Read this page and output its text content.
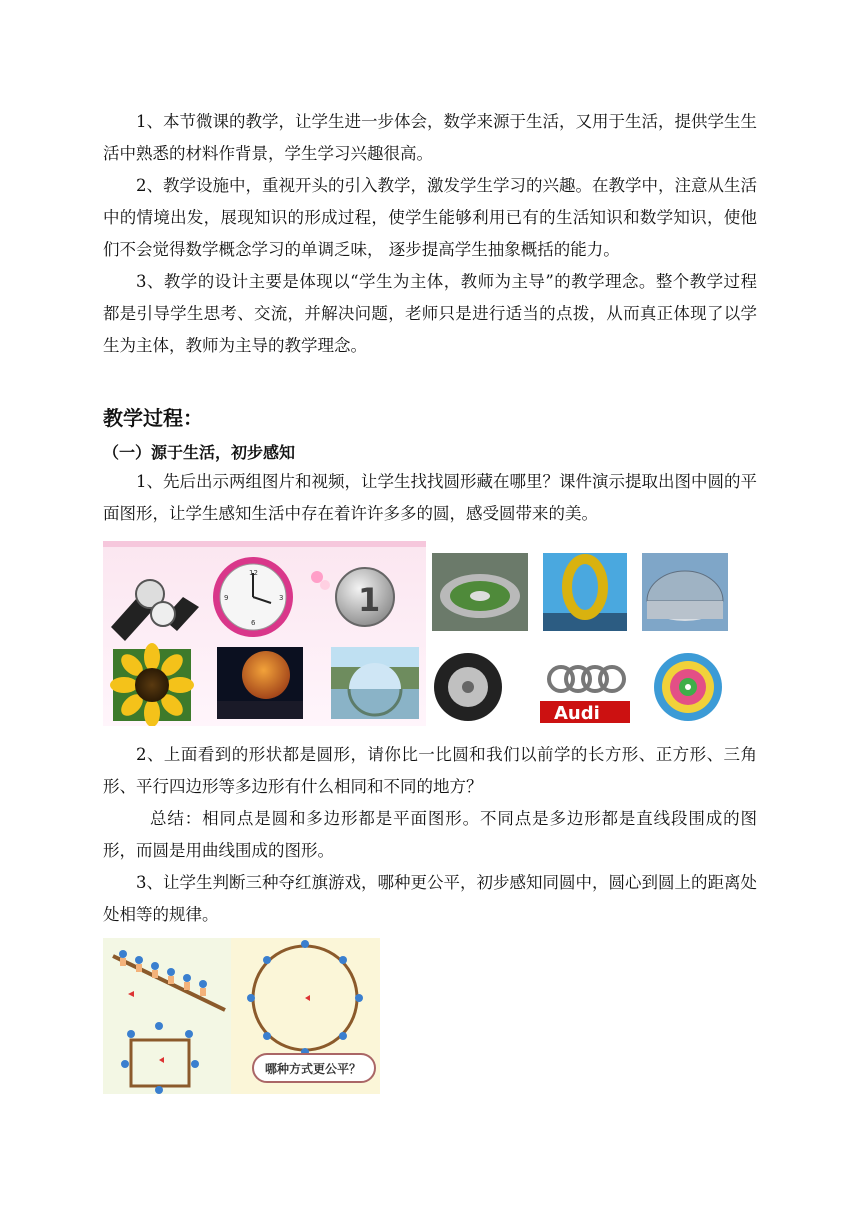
1、本节微课的教学，让学生进一步体会，数学来源于生活，又用于生活，提供学生生活中熟悉的材料作背景，学生学习兴趣很高。

2、教学设施中，重视开头的引入教学，激发学生学习的兴趣。在教学中，注意从生活中的情境出发，展现知识的形成过程，使学生能够利用已有的生活知识和数学知识，使他们不会觉得数学概念学习的单调乏味， 逐步提高学生抽象概括的能力。

3、教学的设计主要是体现以“学生为主体，教师为主导”的教学理念。整个教学过程都是引导学生思考、交流，并解决问题，老师只是进行适当的点拨，从而真正体现了以学生为主体，教师为主导的教学理念。

教学过程：
（一）源于生活，初步感知

1、先后出示两组图片和视频，让学生找找圆形藏在哪里？课件演示提取出图中圆的平面图形，让学生感知生活中存在着许许多多的圆，感受圆带来的美。

12
3
6
9	1
Audi

2、上面看到的形状都是圆形，请你比一比圆和我们以前学的长方形、正方形、三角形、平行四边形等多边形有什么相同和不同的地方？

总结：相同点是圆和多边形都是平面图形。不同点是多边形都是直线段围成的图形，而圆是用曲线围成的图形。

3、让学生判断三种夺红旗游戏，哪种更公平，初步感知同圆中，圆心到圆上的距离处处相等的规律。

哪种方式更公平？
